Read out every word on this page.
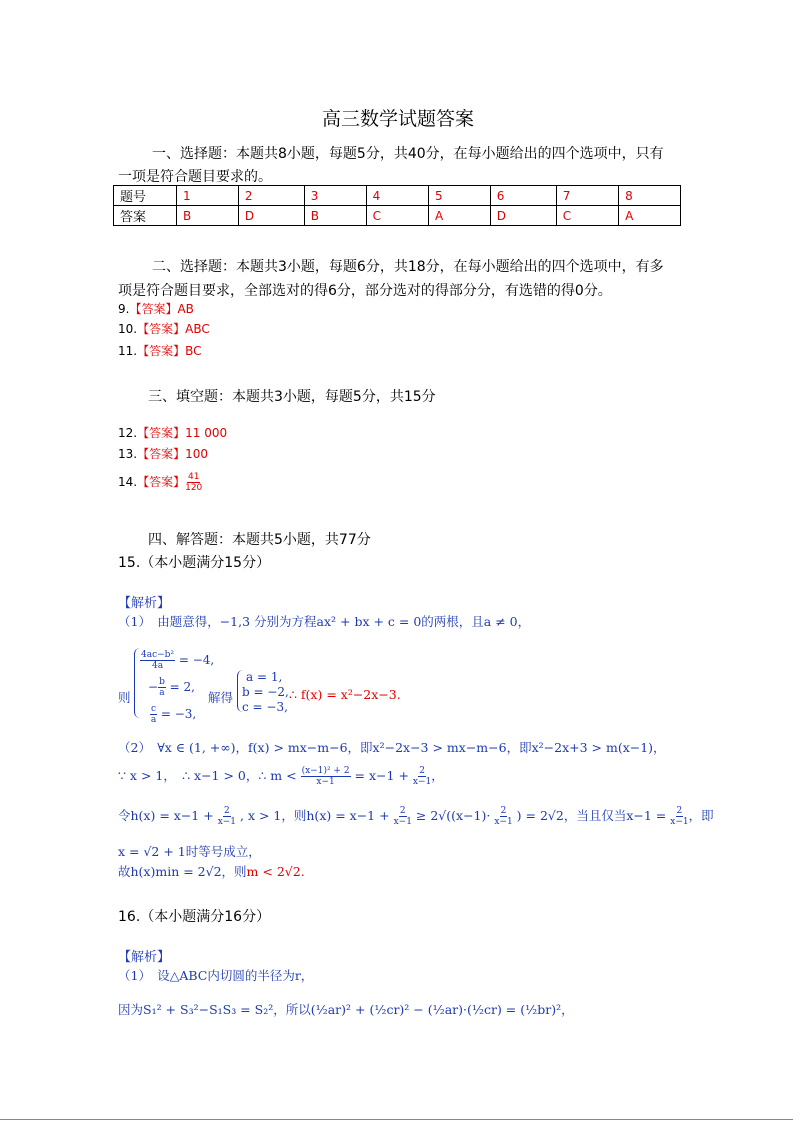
高三数学试题答案
一、选择题：本题共8小题，每题5分，共40分，在每小题给出的四个选项中，只有
一项是符合题目要求的。
题号	1	2	3	4	5	6	7	8
答案	B	D	B	C	A	D	C	A
二、选择题：本题共3小题，每题6分，共18分，在每小题给出的四个选项中，有多
项是符合题目要求，全部选对的得6分，部分选对的得部分分，有选错的得0分。
9.【答案】AB
10.【答案】ABC
11.【答案】BC
三、填空题：本题共3小题，每题5分，共15分
12.【答案】11 000
13.【答案】100
14.【答案】 $\frac{41}{120}$
四、解答题：本题共5小题，共77分
15.（本小题满分15分）
【解析】
（1）　由题意得，−1,3 分别为方程ax² + bx + c = 0的两根，且a ≠ 0，
则
$\frac{\text{4ac−b²}}{4a} = -4$,
− $\frac{b}{a} = 2$,
$\frac{c}{a} = -3$,
解得
a = 1,
b = −2,
c = −3,
∴ f(x) = x²−2x−3.
（2）　∀x ∈ (1, +∞)，f(x) > mx−m−6，即x²−2x−3 > mx−m−6，即x²−2x+3 > m(x−1)，
∵ x > 1，　∴ x−1 > 0，∴ $m < \frac{\text{(x−1)² + 2}}{x-1} = x-1 + \frac{2}{x-1}$ ，
令$h(x) = x-1 + \frac{2}{x-1}$ , x > 1，则$h(x) = x-1 + \frac{2}{x-1} \ge 2√((x-1)\cdot \frac{2}{x-1}$ ) = 2√2，当且仅当$x-1 = \frac{2}{x-1}$ ，即
x = √2 + 1时等号成立，
故h(x)min = 2√2，则m < 2√2.
16.（本小题满分16分）
【解析】
（1）　设△ABC内切圆的半径为r，
因为S₁² + S₃²−S₁S₃ = S₂²，所以(½ar)² + (½cr)² − (½ar)·(½cr) = (½br)²，
